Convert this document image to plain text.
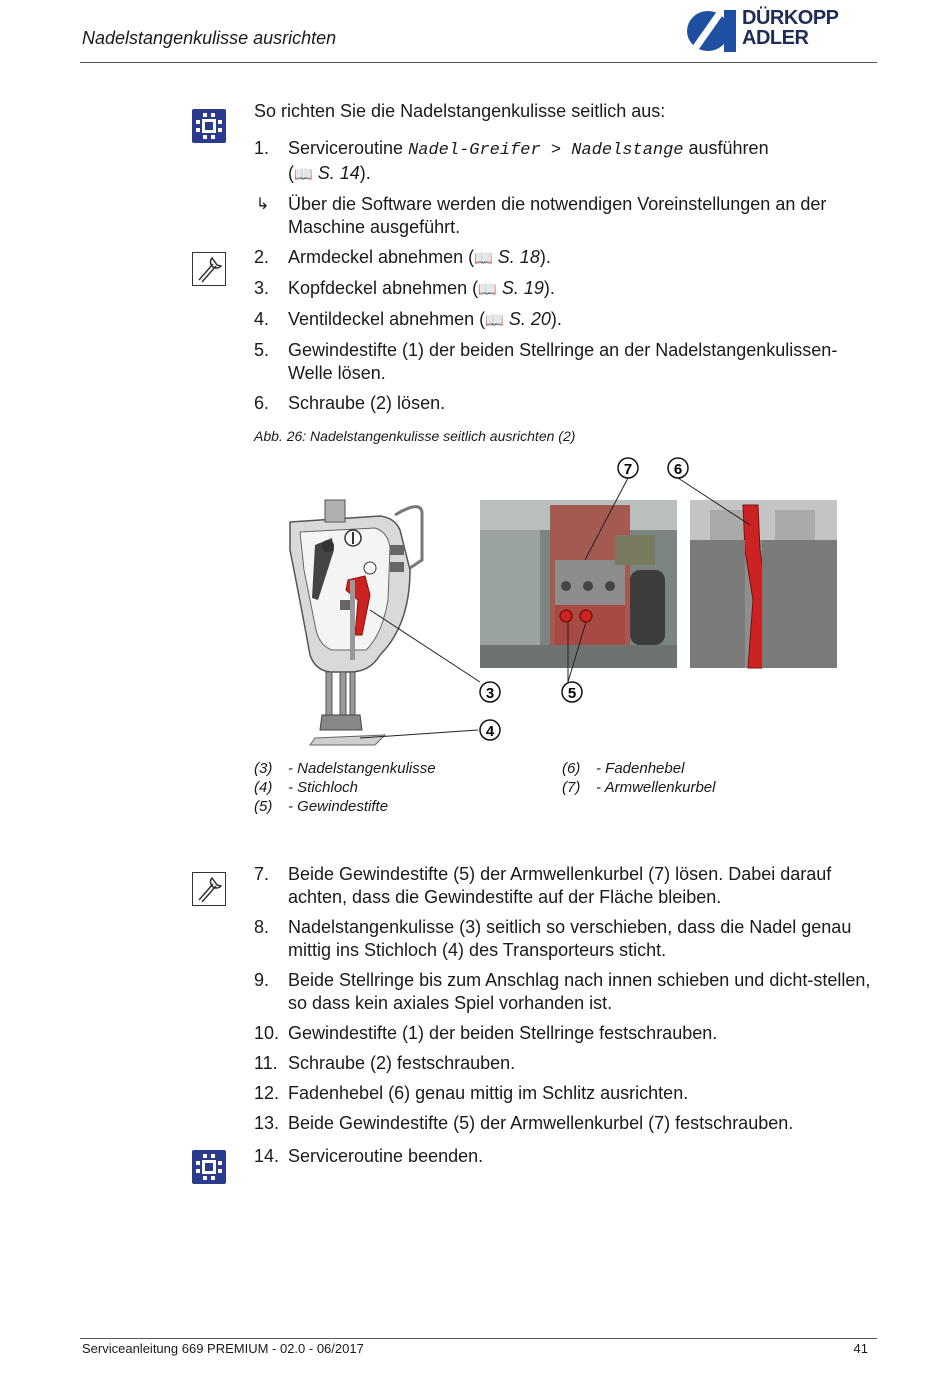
Nadelstangenkulisse ausrichten
DÜRKOPP
ADLER
So richten Sie die Nadelstangenkulisse seitlich aus:
1. Serviceroutine Nadel-Greifer > Nadelstange ausführen
(📖 S. 14).
↳ Über die Software werden die notwendigen Voreinstellungen an der Maschine ausgeführt.
2. Armdeckel abnehmen (📖 S. 18).
3. Kopfdeckel abnehmen (📖 S. 19).
4. Ventildeckel abnehmen (📖 S. 20).
5. Gewindestifte (1) der beiden Stellringe an der Nadelstangenkulissen-Welle lösen.
6. Schraube (2) lösen.
Abb. 26: Nadelstangenkulisse seitlich ausrichten (2)
7	6
3	5
4
(3) - Nadelstangenkulisse
(4) - Stichloch
(5) - Gewindestifte
(6) - Fadenhebel
(7) - Armwellenkurbel
7. Beide Gewindestifte (5) der Armwellenkurbel (7) lösen. Dabei darauf achten, dass die Gewindestifte auf der Fläche bleiben.
8. Nadelstangenkulisse (3) seitlich so verschieben, dass die Nadel genau mittig ins Stichloch (4) des Transporteurs sticht.
9. Beide Stellringe bis zum Anschlag nach innen schieben und dicht-stellen, so dass kein axiales Spiel vorhanden ist.
10. Gewindestifte (1) der beiden Stellringe festschrauben.
11. Schraube (2) festschrauben.
12. Fadenhebel (6) genau mittig im Schlitz ausrichten.
13. Beide Gewindestifte (5) der Armwellenkurbel (7) festschrauben.
14. Serviceroutine beenden.
Serviceanleitung 669 PREMIUM - 02.0 - 06/2017	41
